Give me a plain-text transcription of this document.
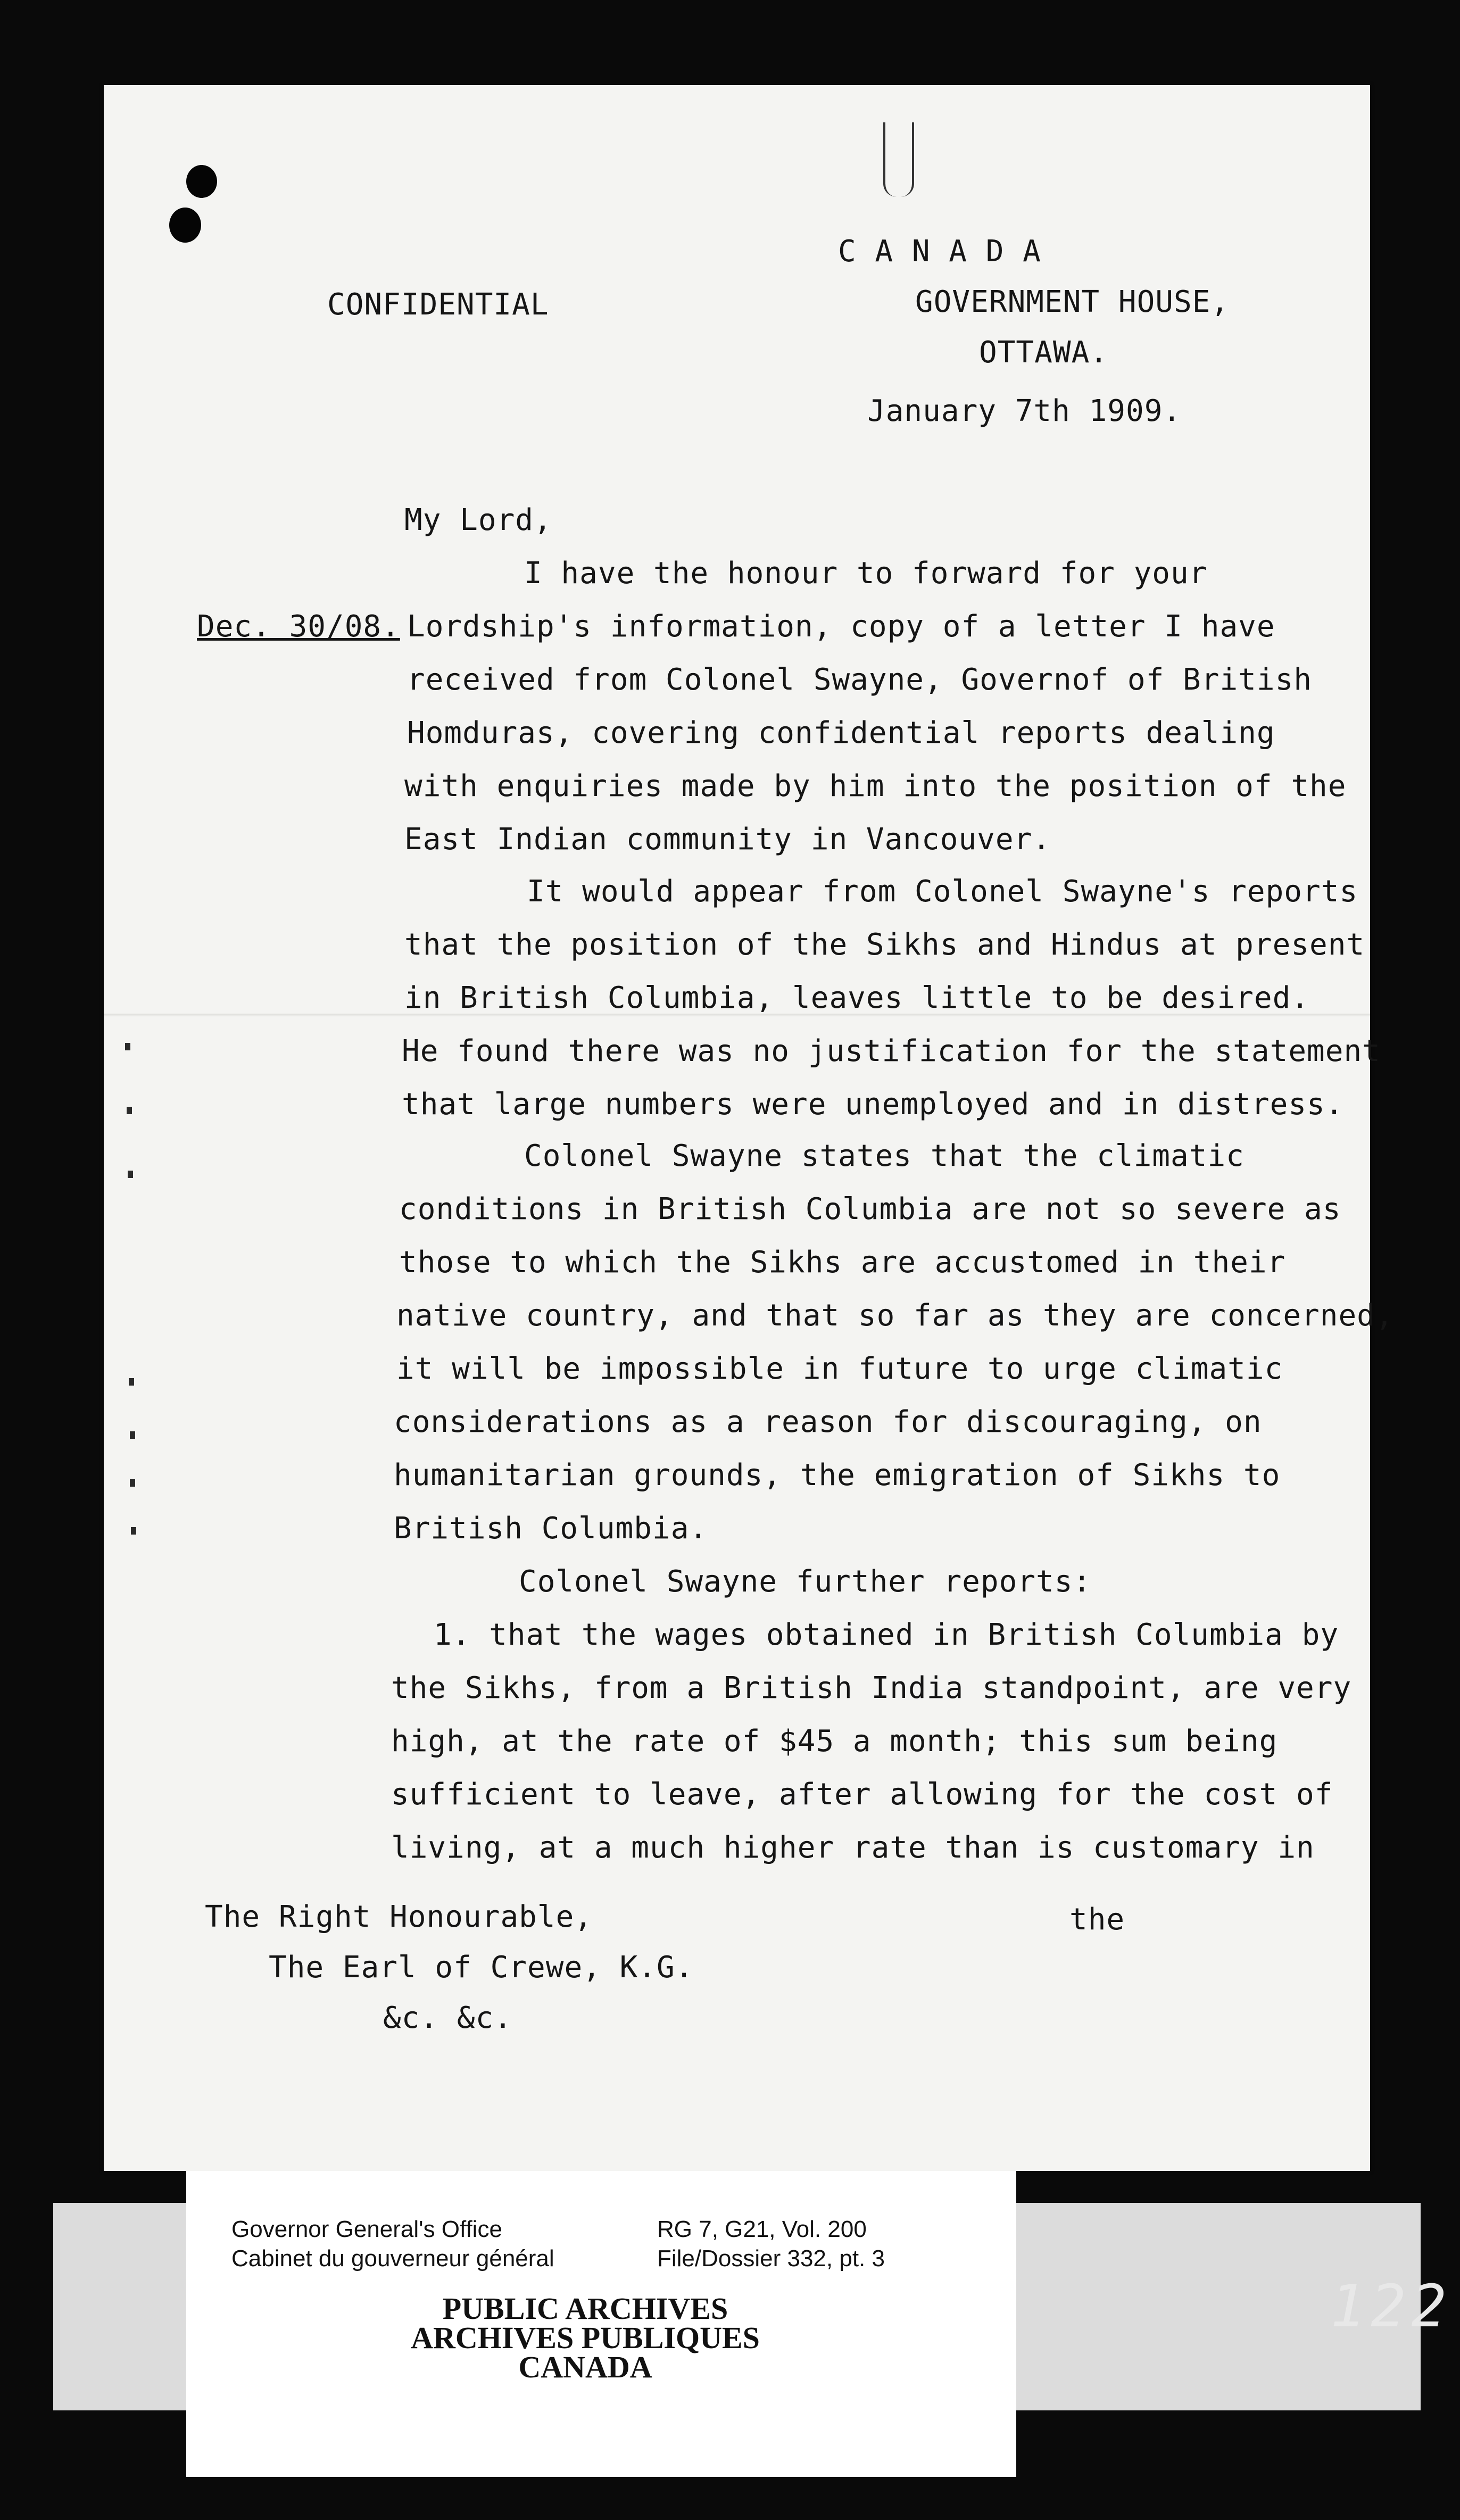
CONFIDENTIAL
C A N A D A
GOVERNMENT HOUSE,
OTTAWA.
January 7th 1909.
My Lord,
Dec. 30/08.
I have the honour to forward for your
Lordship's information, copy of a letter I have
received from Colonel Swayne, Governof of British
Homduras, covering confidential reports dealing
with enquiries made by him into the position of the
East Indian community in Vancouver.
It would appear from Colonel Swayne's reports
that the position of the Sikhs and Hindus at present
in British Columbia, leaves little to be desired.
He found there was no justification for the statement
that large numbers were unemployed and in distress.
Colonel Swayne states that the climatic
conditions in British Columbia are not so severe as
those to which the Sikhs are accustomed in their
native country, and that so far as they are concerned,
it will be impossible in future to urge climatic
considerations as a reason for discouraging, on
humanitarian grounds, the emigration of Sikhs to
British Columbia.
Colonel Swayne further reports:
1. that the wages obtained in British Columbia by
the Sikhs, from a British India standpoint, are very
high, at the rate of $45 a month; this sum being
sufficient to leave, after allowing for the cost of
living, at a much higher rate than is customary in
The Right Honourable,
The Earl of Crewe, K.G.
&c. &c.
the
Governor General's Office
Cabinet du gouverneur général
RG 7, G21, Vol. 200
File/Dossier 332, pt. 3
PUBLIC ARCHIVES
ARCHIVES PUBLIQUES
CANADA
122
